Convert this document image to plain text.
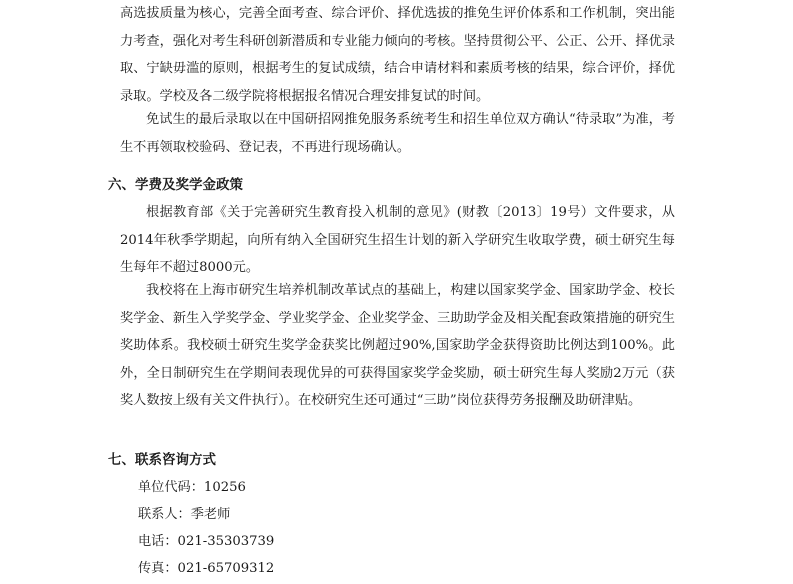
高选拔质量为核心，完善全面考查、综合评价、择优选拔的推免生评价体系和工作机制，突出能力考查，强化对考生科研创新潜质和专业能力倾向的考核。坚持贯彻公平、公正、公开、择优录取、宁缺毋滥的原则，根据考生的复试成绩，结合申请材料和素质考核的结果，综合评价，择优录取。学校及各二级学院将根据报名情况合理安排复试的时间。

免试生的最后录取以在中国研招网推免服务系统考生和招生单位双方确认“待录取”为准，考生不再领取校验码、登记表，不再进行现场确认。

六、学费及奖学金政策

根据教育部《关于完善研究生教育投入机制的意见》(财教〔2013〕19号）文件要求，从2014年秋季学期起，向所有纳入全国研究生招生计划的新入学研究生收取学费，硕士研究生每生每年不超过8000元。

我校将在上海市研究生培养机制改革试点的基础上，构建以国家奖学金、国家助学金、校长奖学金、新生入学奖学金、学业奖学金、企业奖学金、三助助学金及相关配套政策措施的研究生奖助体系。我校硕士研究生奖学金获奖比例超过90%,国家助学金获得资助比例达到100%。此外，全日制研究生在学期间表现优异的可获得国家奖学金奖励，硕士研究生每人奖励2万元（获奖人数按上级有关文件执行）。在校研究生还可通过“三助”岗位获得劳务报酬及助研津贴。

七、联系咨询方式

单位代码：10256

联系人：季老师

电话：021-35303739

传真：021-65709312
